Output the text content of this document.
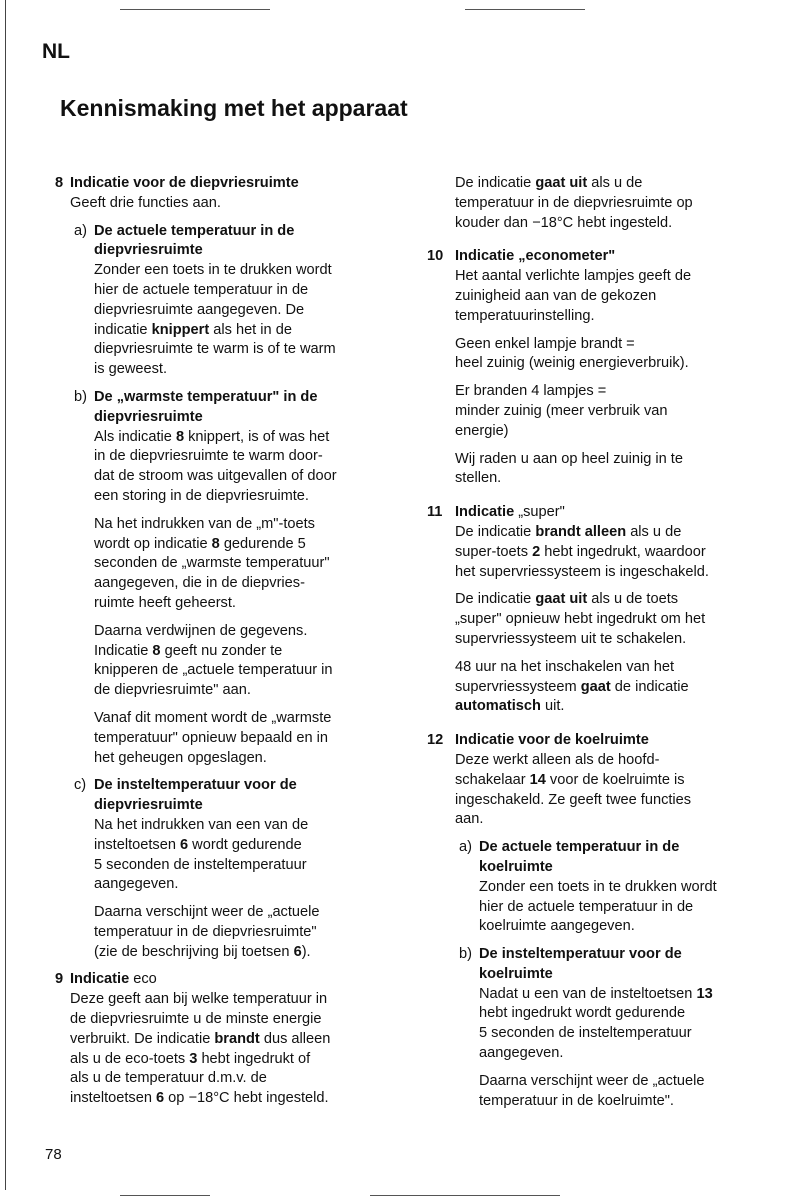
NL
Kennismaking met het apparaat
8 Indicatie voor de diepvriesruimte
Geeft drie functies aan.
a) De actuele temperatuur in de
diepvriesruimte
Zonder een toets in te drukken wordt
hier de actuele temperatuur in de
diepvriesruimte aangegeven. De
indicatie knippert als het in de
diepvriesruimte te warm is of te warm
is geweest.
b) De „warmste temperatuur" in de
diepvriesruimte
Als indicatie 8 knippert, is of was het
in de diepvriesruimte te warm door-
dat de stroom was uitgevallen of door
een storing in de diepvriesruimte.
Na het indrukken van de „m"-toets
wordt op indicatie 8 gedurende 5
seconden de „warmste temperatuur"
aangegeven, die in de diepvries-
ruimte heeft geheerst.
Daarna verdwijnen de gegevens.
Indicatie 8 geeft nu zonder te
knipperen de „actuele temperatuur in
de diepvriesruimte" aan.
Vanaf dit moment wordt de „warmste
temperatuur" opnieuw bepaald en in
het geheugen opgeslagen.
c) De insteltemperatuur voor de
diepvriesruimte
Na het indrukken van een van de
insteltoetsen 6 wordt gedurende
5 seconden de insteltemperatuur
aangegeven.
Daarna verschijnt weer de „actuele
temperatuur in de diepvriesruimte"
(zie de beschrijving bij toetsen 6).
9 Indicatie eco
Deze geeft aan bij welke temperatuur in
de diepvriesruimte u de minste energie
verbruikt. De indicatie brandt dus alleen
als u de eco-toets 3 hebt ingedrukt of
als u de temperatuur d.m.v. de
insteltoetsen 6 op −18°C hebt ingesteld.
De indicatie gaat uit als u de
temperatuur in de diepvriesruimte op
kouder dan −18°C hebt ingesteld.
10 Indicatie „econometer"
Het aantal verlichte lampjes geeft de
zuinigheid aan van de gekozen
temperatuurinstelling.
Geen enkel lampje brandt =
heel zuinig (weinig energieverbruik).
Er branden 4 lampjes =
minder zuinig (meer verbruik van
energie)
Wij raden u aan op heel zuinig in te
stellen.
11 Indicatie „super"
De indicatie brandt alleen als u de
super-toets 2 hebt ingedrukt, waardoor
het supervriessysteem is ingeschakeld.
De indicatie gaat uit als u de toets
„super" opnieuw hebt ingedrukt om het
supervriessysteem uit te schakelen.
48 uur na het inschakelen van het
supervriessysteem gaat de indicatie
automatisch uit.
12 Indicatie voor de koelruimte
Deze werkt alleen als de hoofd-
schakelaar 14 voor de koelruimte is
ingeschakeld. Ze geeft twee functies
aan.
a) De actuele temperatuur in de
koelruimte
Zonder een toets in te drukken wordt
hier de actuele temperatuur in de
koelruimte aangegeven.
b) De insteltemperatuur voor de
koelruimte
Nadat u een van de insteltoetsen 13
hebt ingedrukt wordt gedurende
5 seconden de insteltemperatuur
aangegeven.
Daarna verschijnt weer de „actuele
temperatuur in de koelruimte".
78
